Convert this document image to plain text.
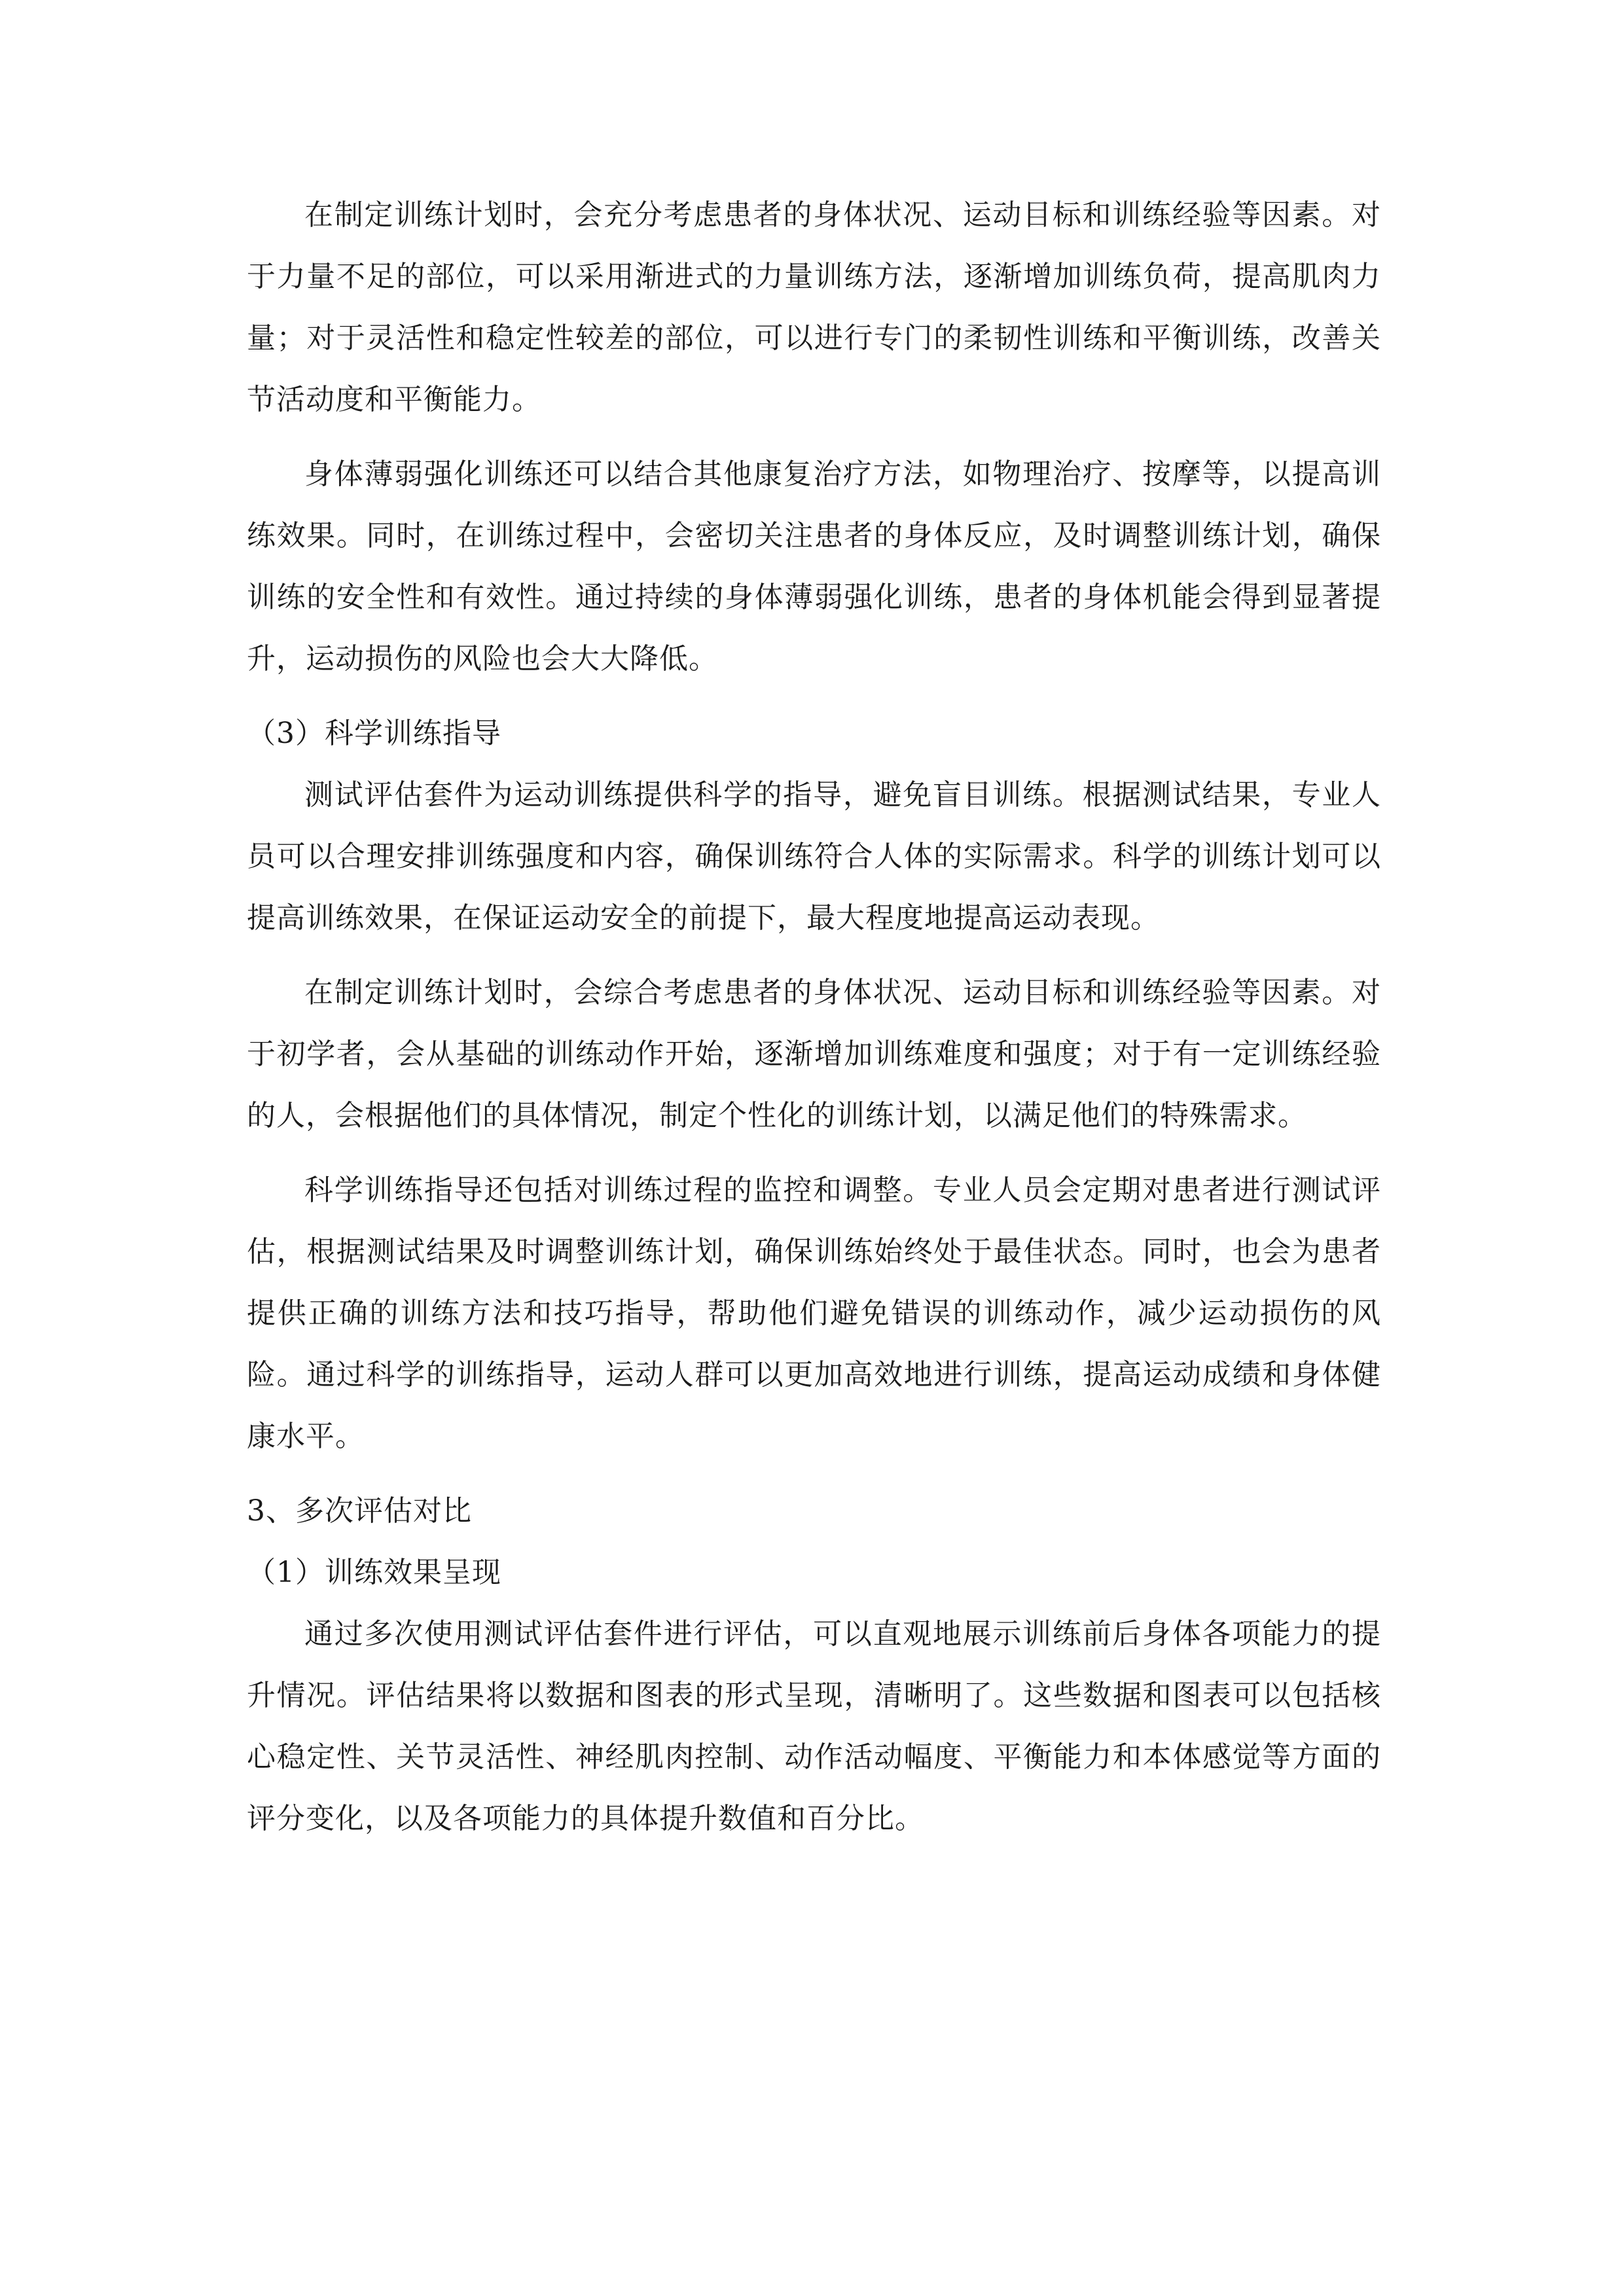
在制定训练计划时，会充分考虑患者的身体状况、运动目标和训练经验等因素。对于力量不足的部位，可以采用渐进式的力量训练方法，逐渐增加训练负荷，提高肌肉力量；对于灵活性和稳定性较差的部位，可以进行专门的柔韧性训练和平衡训练，改善关节活动度和平衡能力。

身体薄弱强化训练还可以结合其他康复治疗方法，如物理治疗、按摩等，以提高训练效果。同时，在训练过程中，会密切关注患者的身体反应，及时调整训练计划，确保训练的安全性和有效性。通过持续的身体薄弱强化训练，患者的身体机能会得到显著提升，运动损伤的风险也会大大降低。

（3）科学训练指导

测试评估套件为运动训练提供科学的指导，避免盲目训练。根据测试结果，专业人员可以合理安排训练强度和内容，确保训练符合人体的实际需求。科学的训练计划可以提高训练效果，在保证运动安全的前提下，最大程度地提高运动表现。

在制定训练计划时，会综合考虑患者的身体状况、运动目标和训练经验等因素。对于初学者，会从基础的训练动作开始，逐渐增加训练难度和强度；对于有一定训练经验的人，会根据他们的具体情况，制定个性化的训练计划，以满足他们的特殊需求。

科学训练指导还包括对训练过程的监控和调整。专业人员会定期对患者进行测试评估，根据测试结果及时调整训练计划，确保训练始终处于最佳状态。同时，也会为患者提供正确的训练方法和技巧指导，帮助他们避免错误的训练动作，减少运动损伤的风险。通过科学的训练指导，运动人群可以更加高效地进行训练，提高运动成绩和身体健康水平。

3、多次评估对比

（1）训练效果呈现

通过多次使用测试评估套件进行评估，可以直观地展示训练前后身体各项能力的提升情况。评估结果将以数据和图表的形式呈现，清晰明了。这些数据和图表可以包括核心稳定性、关节灵活性、神经肌肉控制、动作活动幅度、平衡能力和本体感觉等方面的评分变化，以及各项能力的具体提升数值和百分比。
